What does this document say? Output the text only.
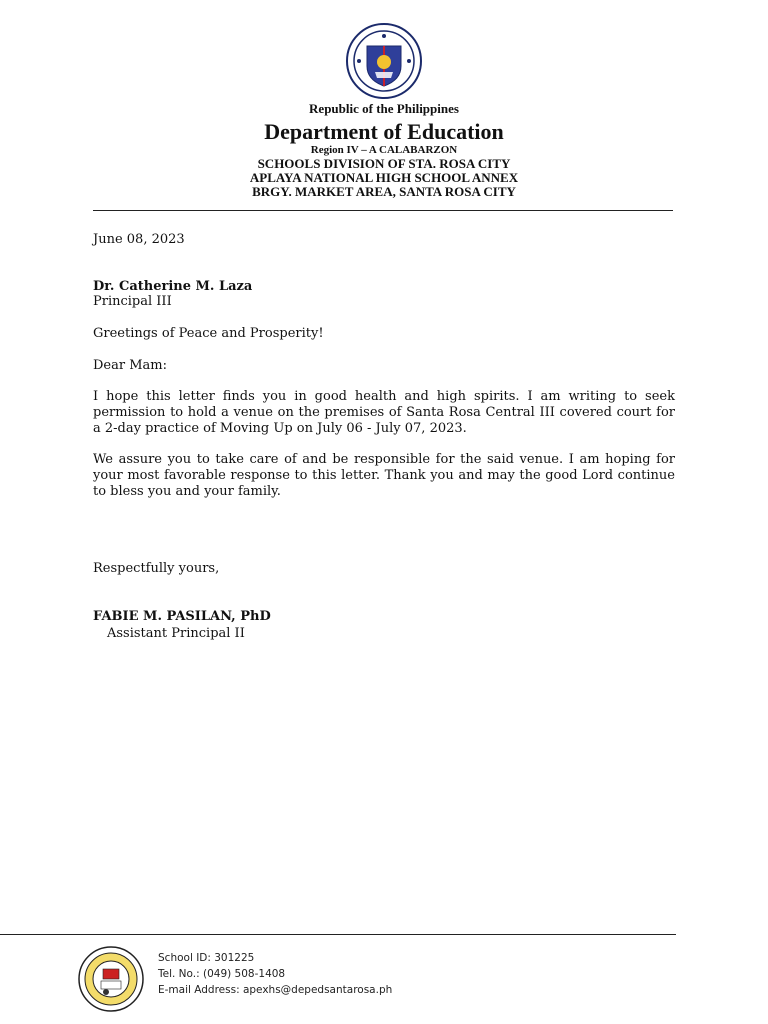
Republic of the Philippines
Department of Education
Region IV – A CALABARZON
SCHOOLS DIVISION OF STA. ROSA CITY
APLAYA NATIONAL HIGH SCHOOL ANNEX
BRGY. MARKET AREA, SANTA ROSA CITY
June 08, 2023
Dr. Catherine M. Laza
Principal III
Greetings of Peace and Prosperity!
Dear Mam:
I hope this letter finds you in good health and high spirits. I am writing to seek permission to hold a venue on the premises of Santa Rosa Central III covered court for a 2-day practice of Moving Up on July 06 - July 07, 2023.
We assure you to take care of and be responsible for the said venue. I am hoping for your most favorable response to this letter. Thank you and may the good Lord continue to bless you and your family.
Respectfully yours,
FABIE M. PASILAN, PhD
Assistant Principal II
School ID: 301225
Tel. No.: (049) 508-1408
E-mail Address: apexhs@depedsantarosa.ph
